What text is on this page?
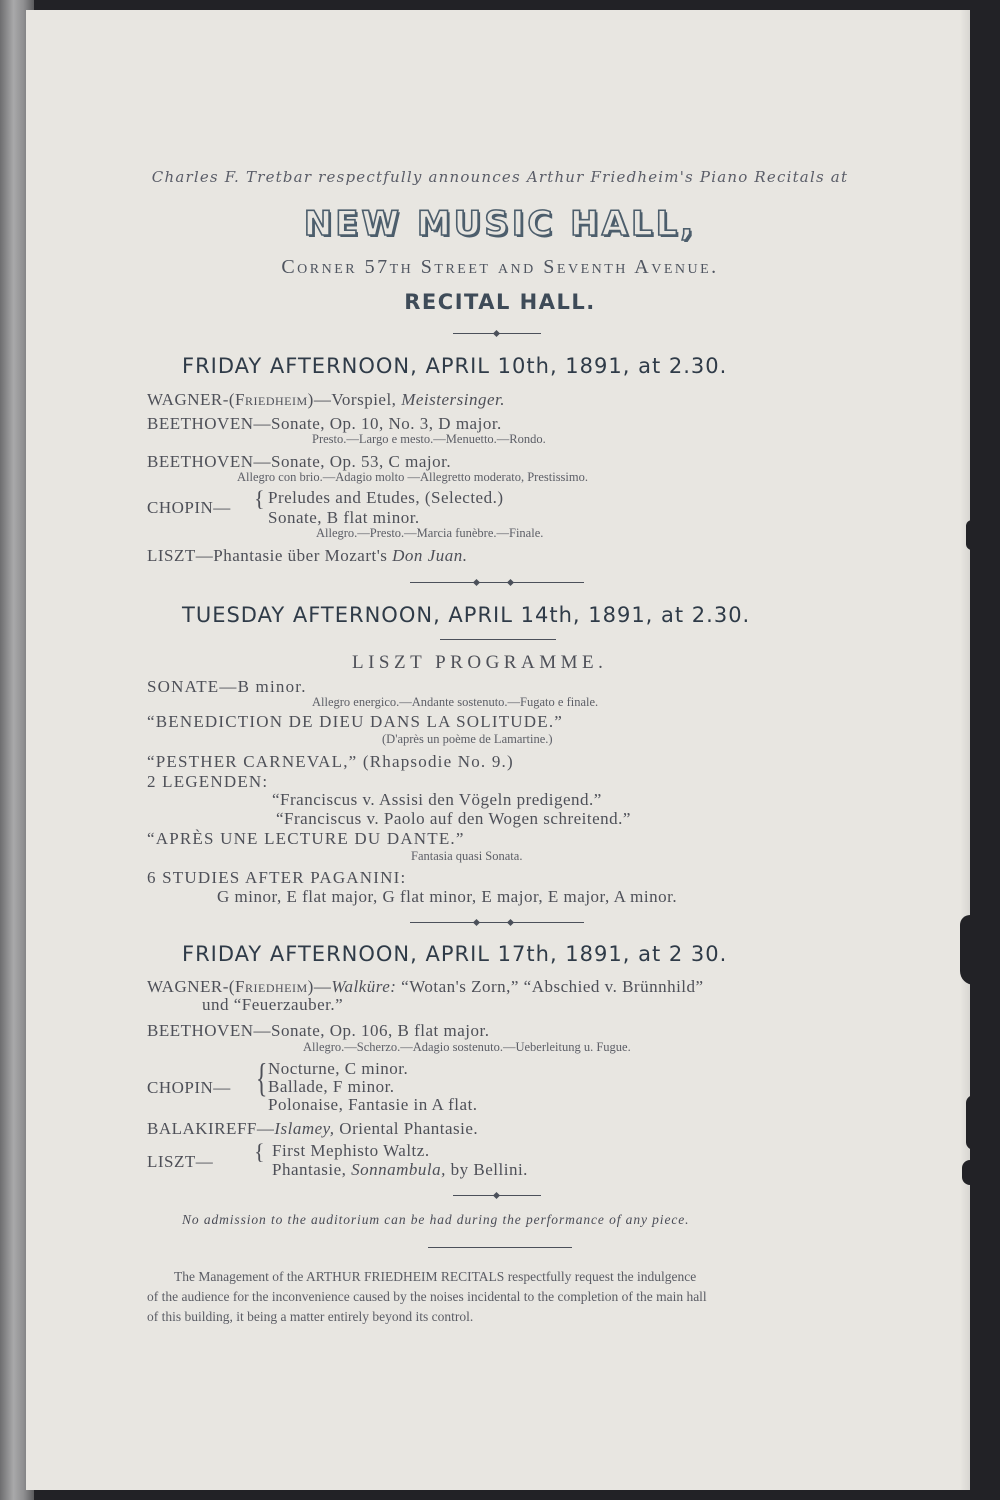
Charles F. Tretbar respectfully announces Arthur Friedheim's Piano Recitals at
NEW MUSIC HALL,
Corner 57th Street and Seventh Avenue.
RECITAL HALL.
FRIDAY AFTERNOON, APRIL 10th, 1891, at 2.30.
WAGNER-(Friedheim)—Vorspiel, Meistersinger.
BEETHOVEN—Sonate, Op. 10, No. 3, D major.
Presto.—Largo e mesto.—Menuetto.—Rondo.
BEETHOVEN—Sonate, Op. 53, C major.
Allegro con brio.—Adagio molto —Allegretto moderato, Prestissimo.
CHOPIN— { Preludes and Etudes, (Selected.)
Sonate, B flat minor.
Allegro.—Presto.—Marcia funèbre.—Finale.
LISZT—Phantasie über Mozart's Don Juan.
TUESDAY AFTERNOON, APRIL 14th, 1891, at 2.30.
LISZT PROGRAMME.
SONATE—B minor.
Allegro energico.—Andante sostenuto.—Fugato e finale.
“BENEDICTION DE DIEU DANS LA SOLITUDE.”
(D'après un poème de Lamartine.)
“PESTHER CARNEVAL,” (Rhapsodie No. 9.)
2 LEGENDEN:
“Franciscus v. Assisi den Vögeln predigend.”
“Franciscus v. Paolo auf den Wogen schreitend.”
“APRÈS UNE LECTURE DU DANTE.”
Fantasia quasi Sonata.
6 STUDIES AFTER PAGANINI:
G minor, E flat major, G flat minor, E major, E major, A minor.
FRIDAY AFTERNOON, APRIL 17th, 1891, at 2 30.
WAGNER-(Friedheim)—Walküre: “Wotan's Zorn,” “Abschied v. Brünnhild”
und “Feuerzauber.”
BEETHOVEN—Sonate, Op. 106, B flat major.
Allegro.—Scherzo.—Adagio sostenuto.—Ueberleitung u. Fugue.
CHOPIN— { Nocturne, C minor.
Ballade, F minor.
Polonaise, Fantasie in A flat.
BALAKIREFF—Islamey, Oriental Phantasie.
LISZT— { First Mephisto Waltz.
Phantasie, Sonnambula, by Bellini.
No admission to the auditorium can be had during the performance of any piece.
The Management of the ARTHUR FRIEDHEIM RECITALS respectfully request the indulgence
of the audience for the inconvenience caused by the noises incidental to the completion of the main hall
of this building, it being a matter entirely beyond its control.
